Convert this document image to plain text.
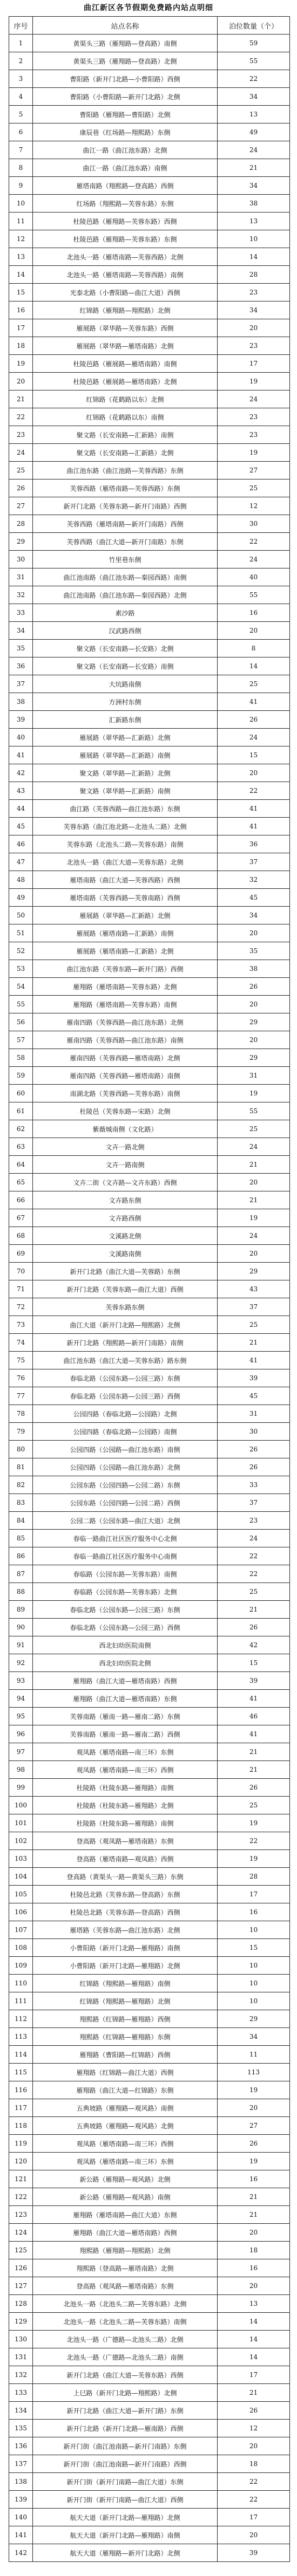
曲江新区各节假期免费路内站点明细
序号	站点名称	泊位数量（个）
1	黄渠头三路（雁翔路—登高路）南侧	59
2	黄渠头三路（雁翔路—登高路）北侧	55
3	曹阳路（新开门北路—小曹阳路）西侧	22
4	曹阳路（小曹阳路—新开门北路）北侧	34
5	曹阳路（雁翔路—曹阳路）北侧	13
6	康辰巷（红场路—翔熙路）东侧	49
7	曲江一路（曲江池东路）北侧	24
8	曲江一路（曲江池东路）南侧	21
9	雁塔南路（翔熙路—登高路）西侧	34
10	红场路（翔熙路—芙蓉东路）东侧	38
11	杜陵邑路（雁翔路—芙蓉东路）西侧	13
12	杜陵邑路（雁翔路—芙蓉东路）东侧	10
13	北池头一路（雁塔南路—芙蓉西路）北侧	14
14	北池头一路（雁塔南路—芙蓉西路）南侧	28
15	光泰北路（小曹阳路—曲江大道）西侧	23
16	红锦路（雁翔路—翔熙路）北侧	34
17	雁展路（翠华路—芙蓉东路）西侧	20
18	雁展路（翠华路—雁塔南路）北侧	23
19	杜陵邑路（雁展路—雁塔南路）南侧	17
20	杜陵邑路（雁展路—雁塔南路）北侧	19
21	红锦路（花鹤路以东）北侧	24
22	红锦路（花鹤路以东）南侧	23
23	聚文路（长安南路—汇新路）南侧	23
24	聚文路（长安南路—汇新路）北侧	19
25	曲江池东路（曲江池路—芙蓉西路）东侧	27
26	芙蓉西路（雁塔南路—芙蓉西路）东侧	25
27	新开门北路（芙蓉东路—新开门南路）西侧	12
28	芙蓉西路（雁塔南路—新开门南路）西侧	30
29	芙蓉西路（曲江大道—新开门南路）东侧	22
30	竹里巷东侧	24
31	曲江池南路（曲江池东路—秦园西路）南侧	40
32	曲江池南路（曲江池东路—秦园西路）北侧	55
33	素沙路	16
34	汉武路西侧	20
35	聚文路（长安南路—长安路）北侧	8
36	聚文路（长安南路—长安路）南侧	14
37	大坑路南侧	25
38	方洲村东侧	41
39	汇新路东侧	26
40	雁展路（翠华路—汇新路）北侧	24
41	雁展路（翠华路—汇新路）南侧	15
42	聚文路（翠华路—汇新路）北侧	20
43	聚文路（翠华路—汇新路）南侧	22
44	曲江路（芙蓉西路—曲江池东路）东侧	41
45	芙蓉东路（曲江池北路—北池头二路）北侧	41
46	芙蓉东路（北池头二路—芙蓉东路）南侧	36
47	北池头一路（曲江大道—芙蓉东路）北侧	37
48	雁塔南路（曲江大道—芙蓉西路）西侧	32
49	雁塔南路（芙蓉西路—芙蓉南路）西侧	45
50	雁展路（翠华路—汇新路）北侧	34
51	雁展路（雁塔南路—汇新路）南侧	20
52	雁展路（雁塔南路—汇新路）北侧	35
53	曲江池东路（芙蓉东路—新开门路）西侧	38
54	雁翔路（雁塔南路—芙蓉东路）北侧	26
55	雁翔路（雁塔南路—芙蓉东路）南侧	20
56	雁南四路（芙蓉西路—曲江池东路）北侧	29
57	雁南四路（芙蓉西路—曲江池东路）南侧	20
58	雁南四路（芙蓉西路—雁塔南路）北侧	29
59	雁南四路（芙蓉西路—雁塔南路）南侧	31
60	南湖北路（芙蓉西路—芙蓉东路）南侧	19
61	杜陵邑（芙蓉东路—宋路）北侧	55
62	紫薇城南侧（文化路）	25
63	文卉一路北侧	24
64	文卉一路南侧	21
65	文卉二街（文卉路—文卉东路）西侧	20
66	文卉路东侧	21
67	文卉路西侧	19
68	文溪路北侧	24
69	文溪路南侧	20
70	新开门北路（曲江大道—芙蓉路）东侧	29
71	新开门北路（芙蓉东路—曲江大道）西侧	43
72	芙蓉东路东侧	37
73	曲江大道（新开门北路—翔熙路）北侧	25
74	新开门北路（翔熙路—新开门南路）南侧	21
75	曲江池东路（曲江大道—芙蓉东路）路东侧	41
76	春临北路（公园东路—公园三路）东侧	39
77	春临北路（公园东路—公园三路）西侧	45
78	公园四路（春临北路—公园路）北侧	31
79	公园四路（春临北路—公园路）南侧	30
80	公园四路（公园路—曲江池东路）南侧	26
81	公园四路（公园路—曲江池东路）北侧	26
82	公园东路（公园四路—公园二路）东侧	33
83	公园东路（公园四路—公园二路）西侧	37
84	公园二路（公园东路—曲江大道）北侧	23
85	春临一路曲江社区医疗服务中心北侧	24
86	春临一路曲江社区医疗服务中心南侧	22
87	春临路（公园东路—芙蓉东路）南侧	22
88	春临路（公园东路—芙蓉东路）北侧	25
89	春临北路（公园东路—公园三路）东侧	21
90	春临北路（公园东路—公园三路）西侧	26
91	西北妇幼医院南侧	42
92	西北妇幼医院北侧	15
93	雁翔路（曲江大道—雁塔南路）西侧	39
94	雁翔路（曲江大道—雁塔南路）东侧	41
95	芙蓉南路（雁南一路—雁南二路）东侧	46
96	芙蓉南路（雁南一路—雁南二路）西侧	41
97	观凤路（雁塔南路—南三环）东侧	21
98	观凤路（雁塔南路—南三环）西侧	21
99	杜陵路（杜陵东路—雁翔路）南侧	26
100	杜陵路（杜陵东路—雁翔路）北侧	25
101	杜陵路（杜陵东路—雁翔路）南侧	19
102	登高路（观凤路—雁塔南路）东侧	22
103	登高路（雁塔南路—观凤路）西侧	19
104	登高路（黄渠头一路—黄渠头三路）东侧	28
105	杜陵邑北路（芙蓉东路—登高路）东侧	17
106	杜陵邑北路（芙蓉东路—登高路）西侧	16
107	雁塔路（芙蓉东路—曲江池东路）北侧	10
108	小曹阳路（新开门北路—雁翔路）南侧	15
109	小曹阳路（新开门北路—雁翔路）北侧	10
110	红锦路（翔熙路—雁翔路）南侧	10
111	红锦路（翔熙路—雁翔路）北侧	10
112	翔熙路（红锦路—雁翔路）西侧	29
113	翔熙路（红锦路—雁翔路）东侧	34
114	雁翔路（曹阳路—红锦路）西侧	11
115	雁翔路（红锦路—曲江大道）西侧	113
116	雁翔路（曲江大道—红锦路）东侧	19
117	五典坡路（雁翔路—观风路）南侧	20
118	五典坡路（雁翔路—观风路）北侧	27
119	观凤路（雁塔南路—南三环）西侧	26
120	观凤路（雁塔南路—南三环）东侧	19
121	新公路（雁翔路—观风路）北侧	16
122	新公路（雁翔路—观风路）南侧	21
123	雁翔路（雁塔南路—曲江大道）东侧	21
124	雁翔路（曲江大道—雁塔南路）西侧	20
125	翔熙路（雁翔路—翔熙路）北侧	18
126	翔熙路（登高路—雁塔南路）北侧	16
127	登高路（观凤路—雁塔南路）东侧	20
128	北池头一路（北池头二路—芙蓉东路）北侧	13
129	北池头一路（北池头二路—芙蓉东路）南侧	14
130	北池头一路（广德路—北池头二路）北侧	14
131	北池头一路（广德路—北池头二路）南侧	14
132	新开门北路（曲江大道—芙蓉东路）西侧	17
133	上巳路（新开门北路—翔熙路）北侧	21
134	新开门北路（曲江大道—新开门路）东侧	26
135	新开门北路（新开门北路—雁南路）西侧	12
136	新开门街（曲江池南路—新开门南路）东侧	20
137	新开门街（曲江池南路—新开门南路）西侧	18
138	新开门街（新开门南路—曲江大道）东侧	22
139	新开门街（新开门南路—曲江大道）西侧	22
140	航天大道（新开门北路—雁翔路）北侧	17
141	航天大道（新开门北路—雁翔路）南侧	20
142	航天大道（雁翔路—新开门北路）北侧	39
